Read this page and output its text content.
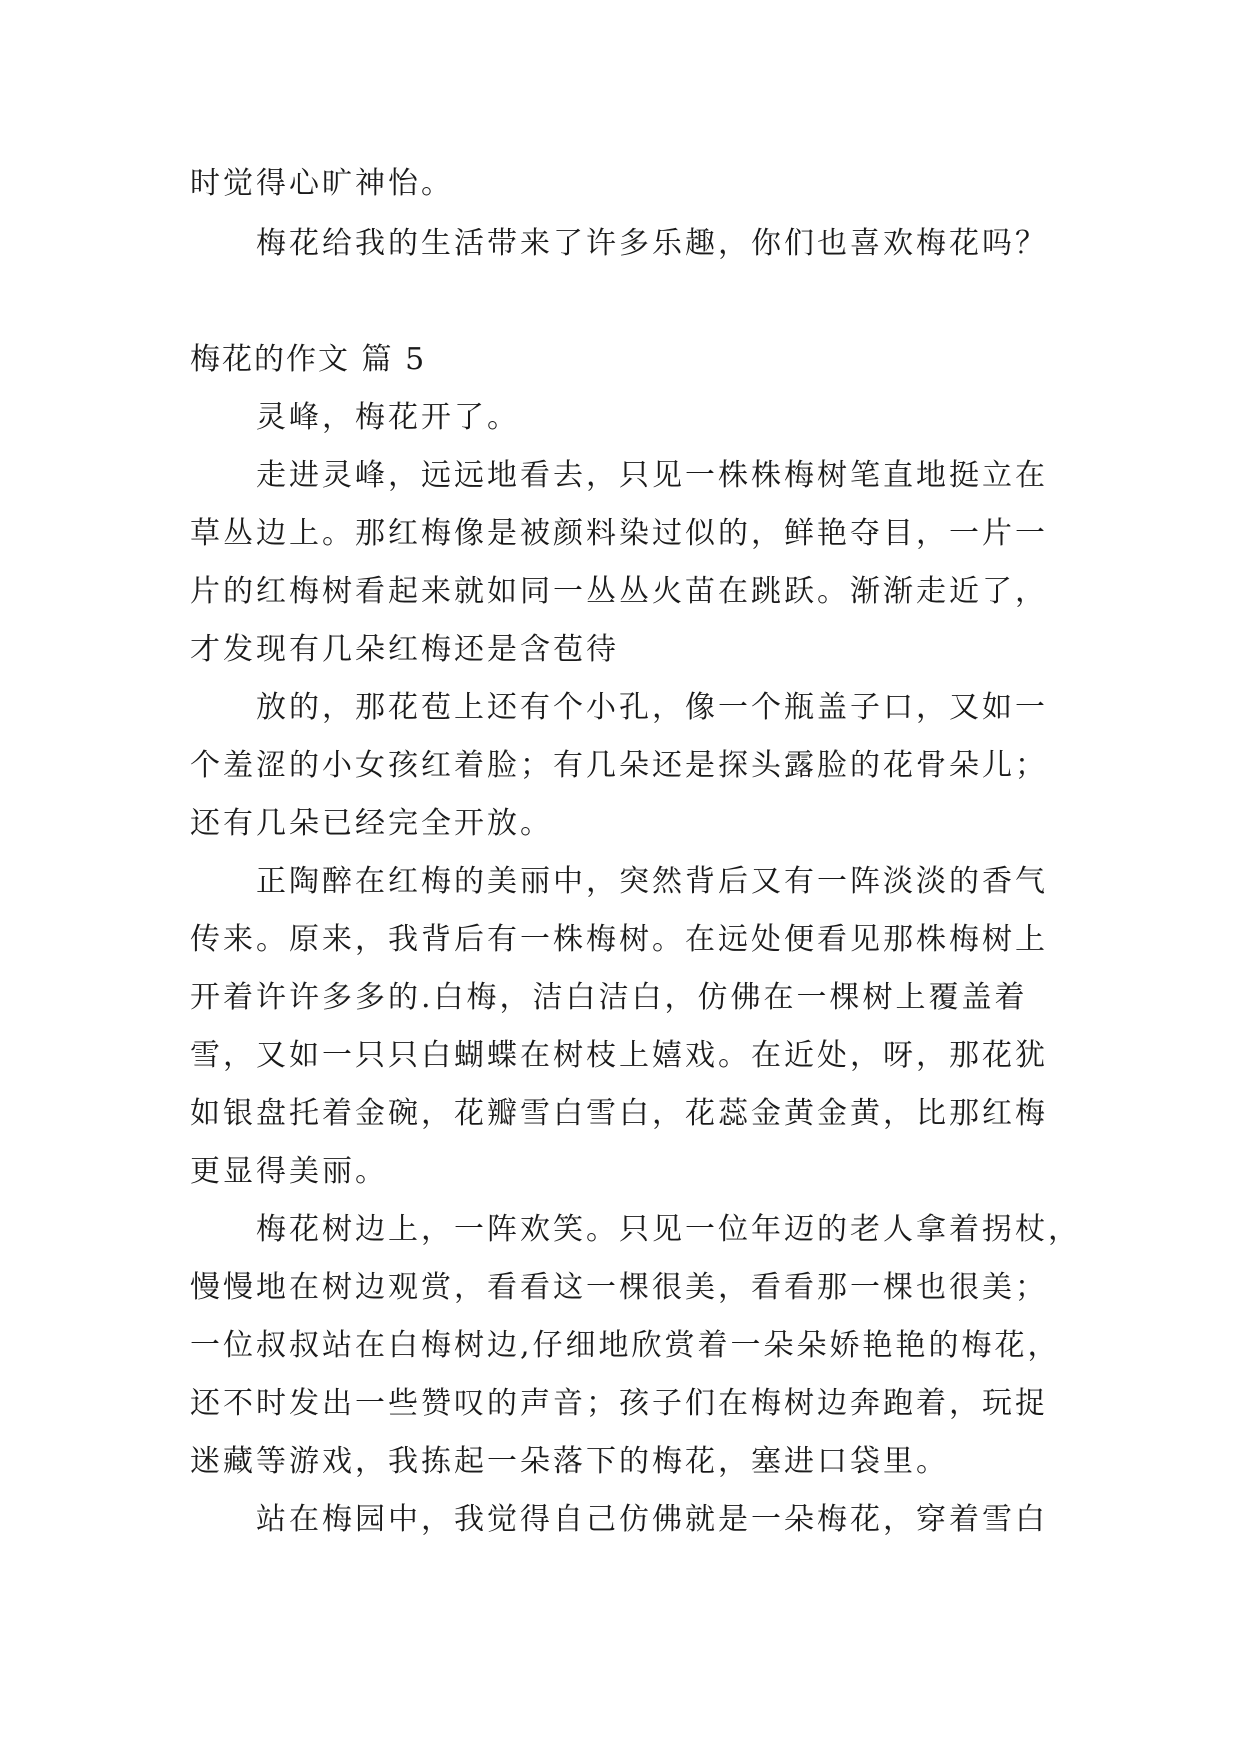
时觉得心旷神怡。
梅花给我的生活带来了许多乐趣，你们也喜欢梅花吗？
梅花的作文 篇 5
灵峰，梅花开了。
走进灵峰，远远地看去，只见一株株梅树笔直地挺立在
草丛边上。那红梅像是被颜料染过似的，鲜艳夺目，一片一
片的红梅树看起来就如同一丛丛火苗在跳跃。渐渐走近了，
才发现有几朵红梅还是含苞待
放的，那花苞上还有个小孔，像一个瓶盖子口，又如一
个羞涩的小女孩红着脸；有几朵还是探头露脸的花骨朵儿；
还有几朵已经完全开放。
正陶醉在红梅的美丽中，突然背后又有一阵淡淡的香气
传来。原来，我背后有一株梅树。在远处便看见那株梅树上
开着许许多多的.白梅，洁白洁白，仿佛在一棵树上覆盖着
雪，又如一只只白蝴蝶在树枝上嬉戏。在近处，呀，那花犹
如银盘托着金碗，花瓣雪白雪白，花蕊金黄金黄，比那红梅
更显得美丽。
梅花树边上，一阵欢笑。只见一位年迈的老人拿着拐杖，
慢慢地在树边观赏，看看这一棵很美，看看那一棵也很美；
一位叔叔站在白梅树边,仔细地欣赏着一朵朵娇艳艳的梅花，
还不时发出一些赞叹的声音；孩子们在梅树边奔跑着，玩捉
迷藏等游戏，我拣起一朵落下的梅花，塞进口袋里。
站在梅园中，我觉得自己仿佛就是一朵梅花，穿着雪白
